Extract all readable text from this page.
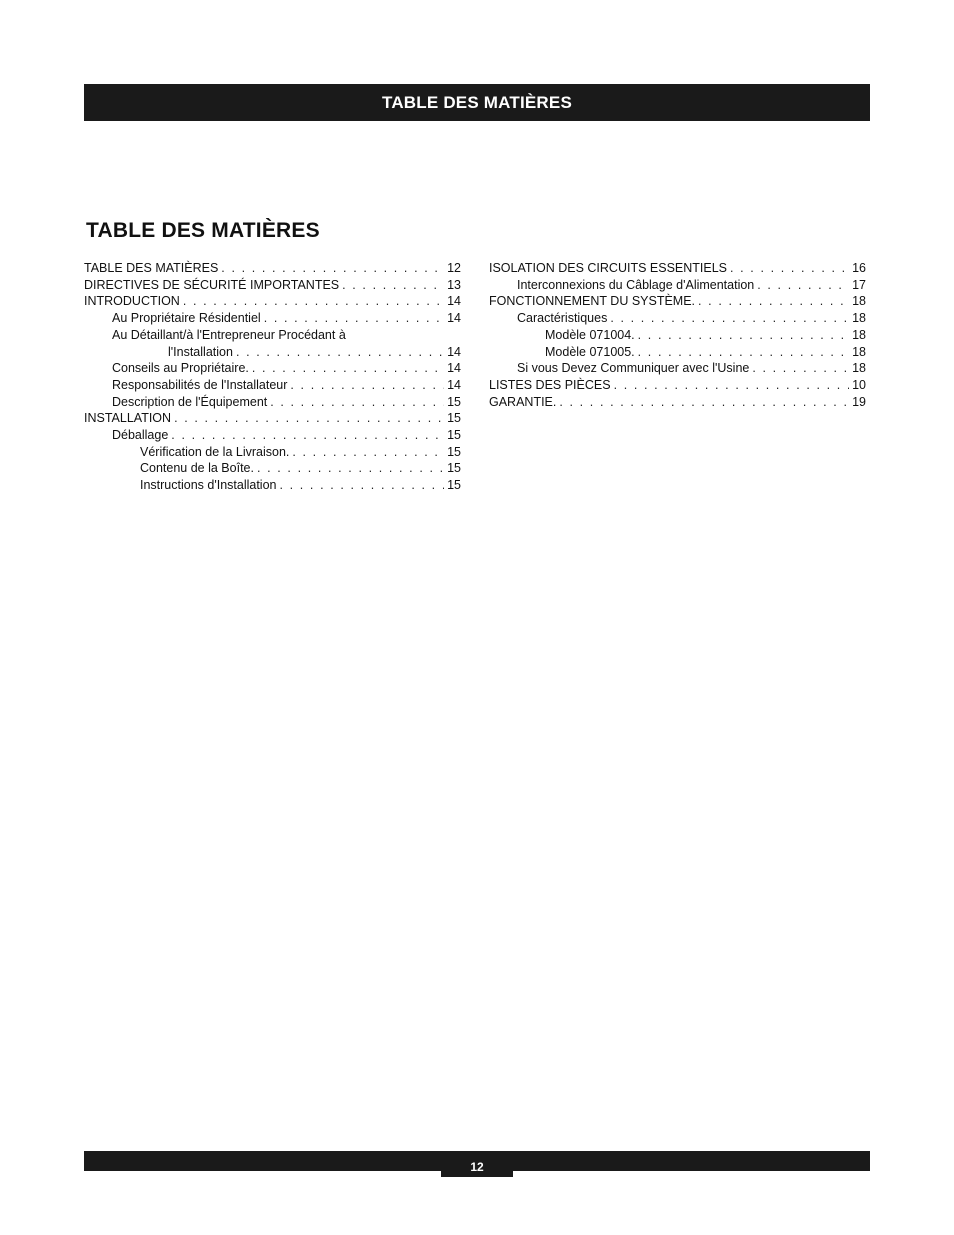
TABLE DES MATIÈRES
TABLE DES MATIÈRES
TABLE DES MATIÈRES . . .	12
DIRECTIVES DE SÉCURITÉ IMPORTANTES . . .	13
INTRODUCTION . . .	14
Au Propriétaire Résidentiel . . .	14
Au Détaillant/à l'Entrepreneur Procédant à
l'Installation . . .	14
Conseils au Propriétaire. . . .	14
Responsabilités de l'Installateur . . .	14
Description de l'Équipement . . .	15
INSTALLATION . . .	15
Déballage . . .	15
Vérification de la Livraison. . . .	15
Contenu de la Boîte. . . .	15
Instructions d'Installation . . .	15
ISOLATION DES CIRCUITS ESSENTIELS . . .	16
Interconnexions du Câblage d'Alimentation . . .	17
FONCTIONNEMENT DU SYSTÈME. . . .	18
Caractéristiques . . .	18
Modèle 071004. . . .	18
Modèle 071005. . . .	18
Si vous Devez Communiquer avec l'Usine . . .	18
LISTES DES PIÈCES . . .	10
GARANTIE. . . .	19
12
